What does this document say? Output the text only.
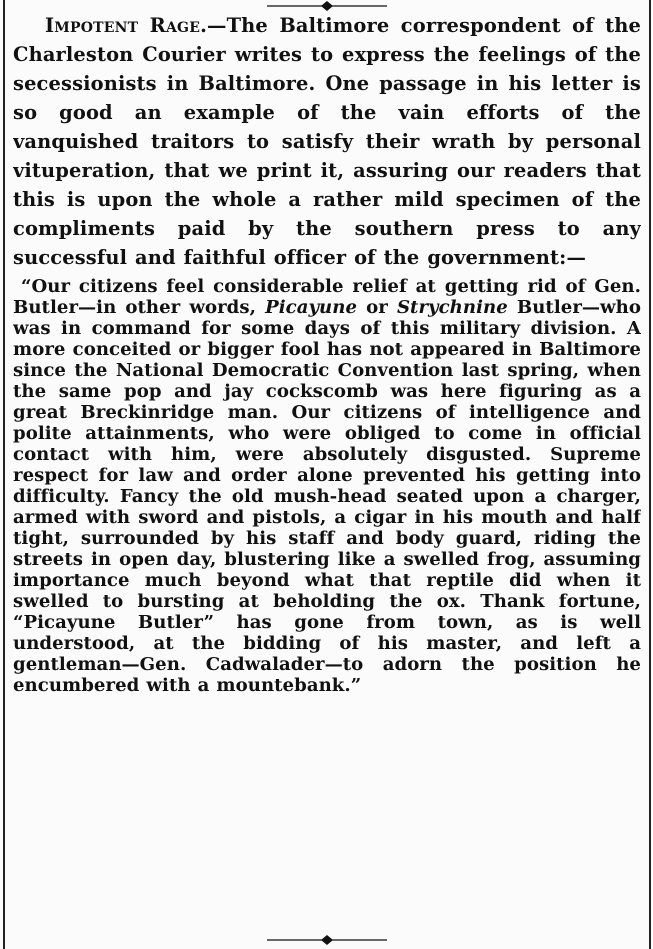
Impotent Rage.—The Baltimore correspondent of the Charleston Courier writes to express the feelings of the secessionists in Baltimore. One passage in his letter is so good an example of the vain efforts of the vanquished traitors to satisfy their wrath by personal vituperation, that we print it, assuring our readers that this is upon the whole a rather mild specimen of the compliments paid by the southern press to any successful and faithful officer of the government:—

“Our citizens feel considerable relief at getting rid of Gen. Butler—in other words, Picayune or Strychnine Butler—who was in command for some days of this military division. A more conceited or bigger fool has not appeared in Baltimore since the National Democratic Convention last spring, when the same pop and jay cockscomb was here figuring as a great Breckinridge man. Our citizens of intelligence and polite attainments, who were obliged to come in official contact with him, were absolutely disgusted. Supreme respect for law and order alone prevented his getting into difficulty. Fancy the old mush-head seated upon a charger, armed with sword and pistols, a cigar in his mouth and half tight, surrounded by his staff and body guard, riding the streets in open day, blustering like a swelled frog, assuming importance much beyond what that reptile did when it swelled to bursting at beholding the ox. Thank fortune, “Picayune Butler” has gone from town, as is well understood, at the bidding of his master, and left a gentleman—Gen. Cadwalader—to adorn the position he encumbered with a mountebank.”
